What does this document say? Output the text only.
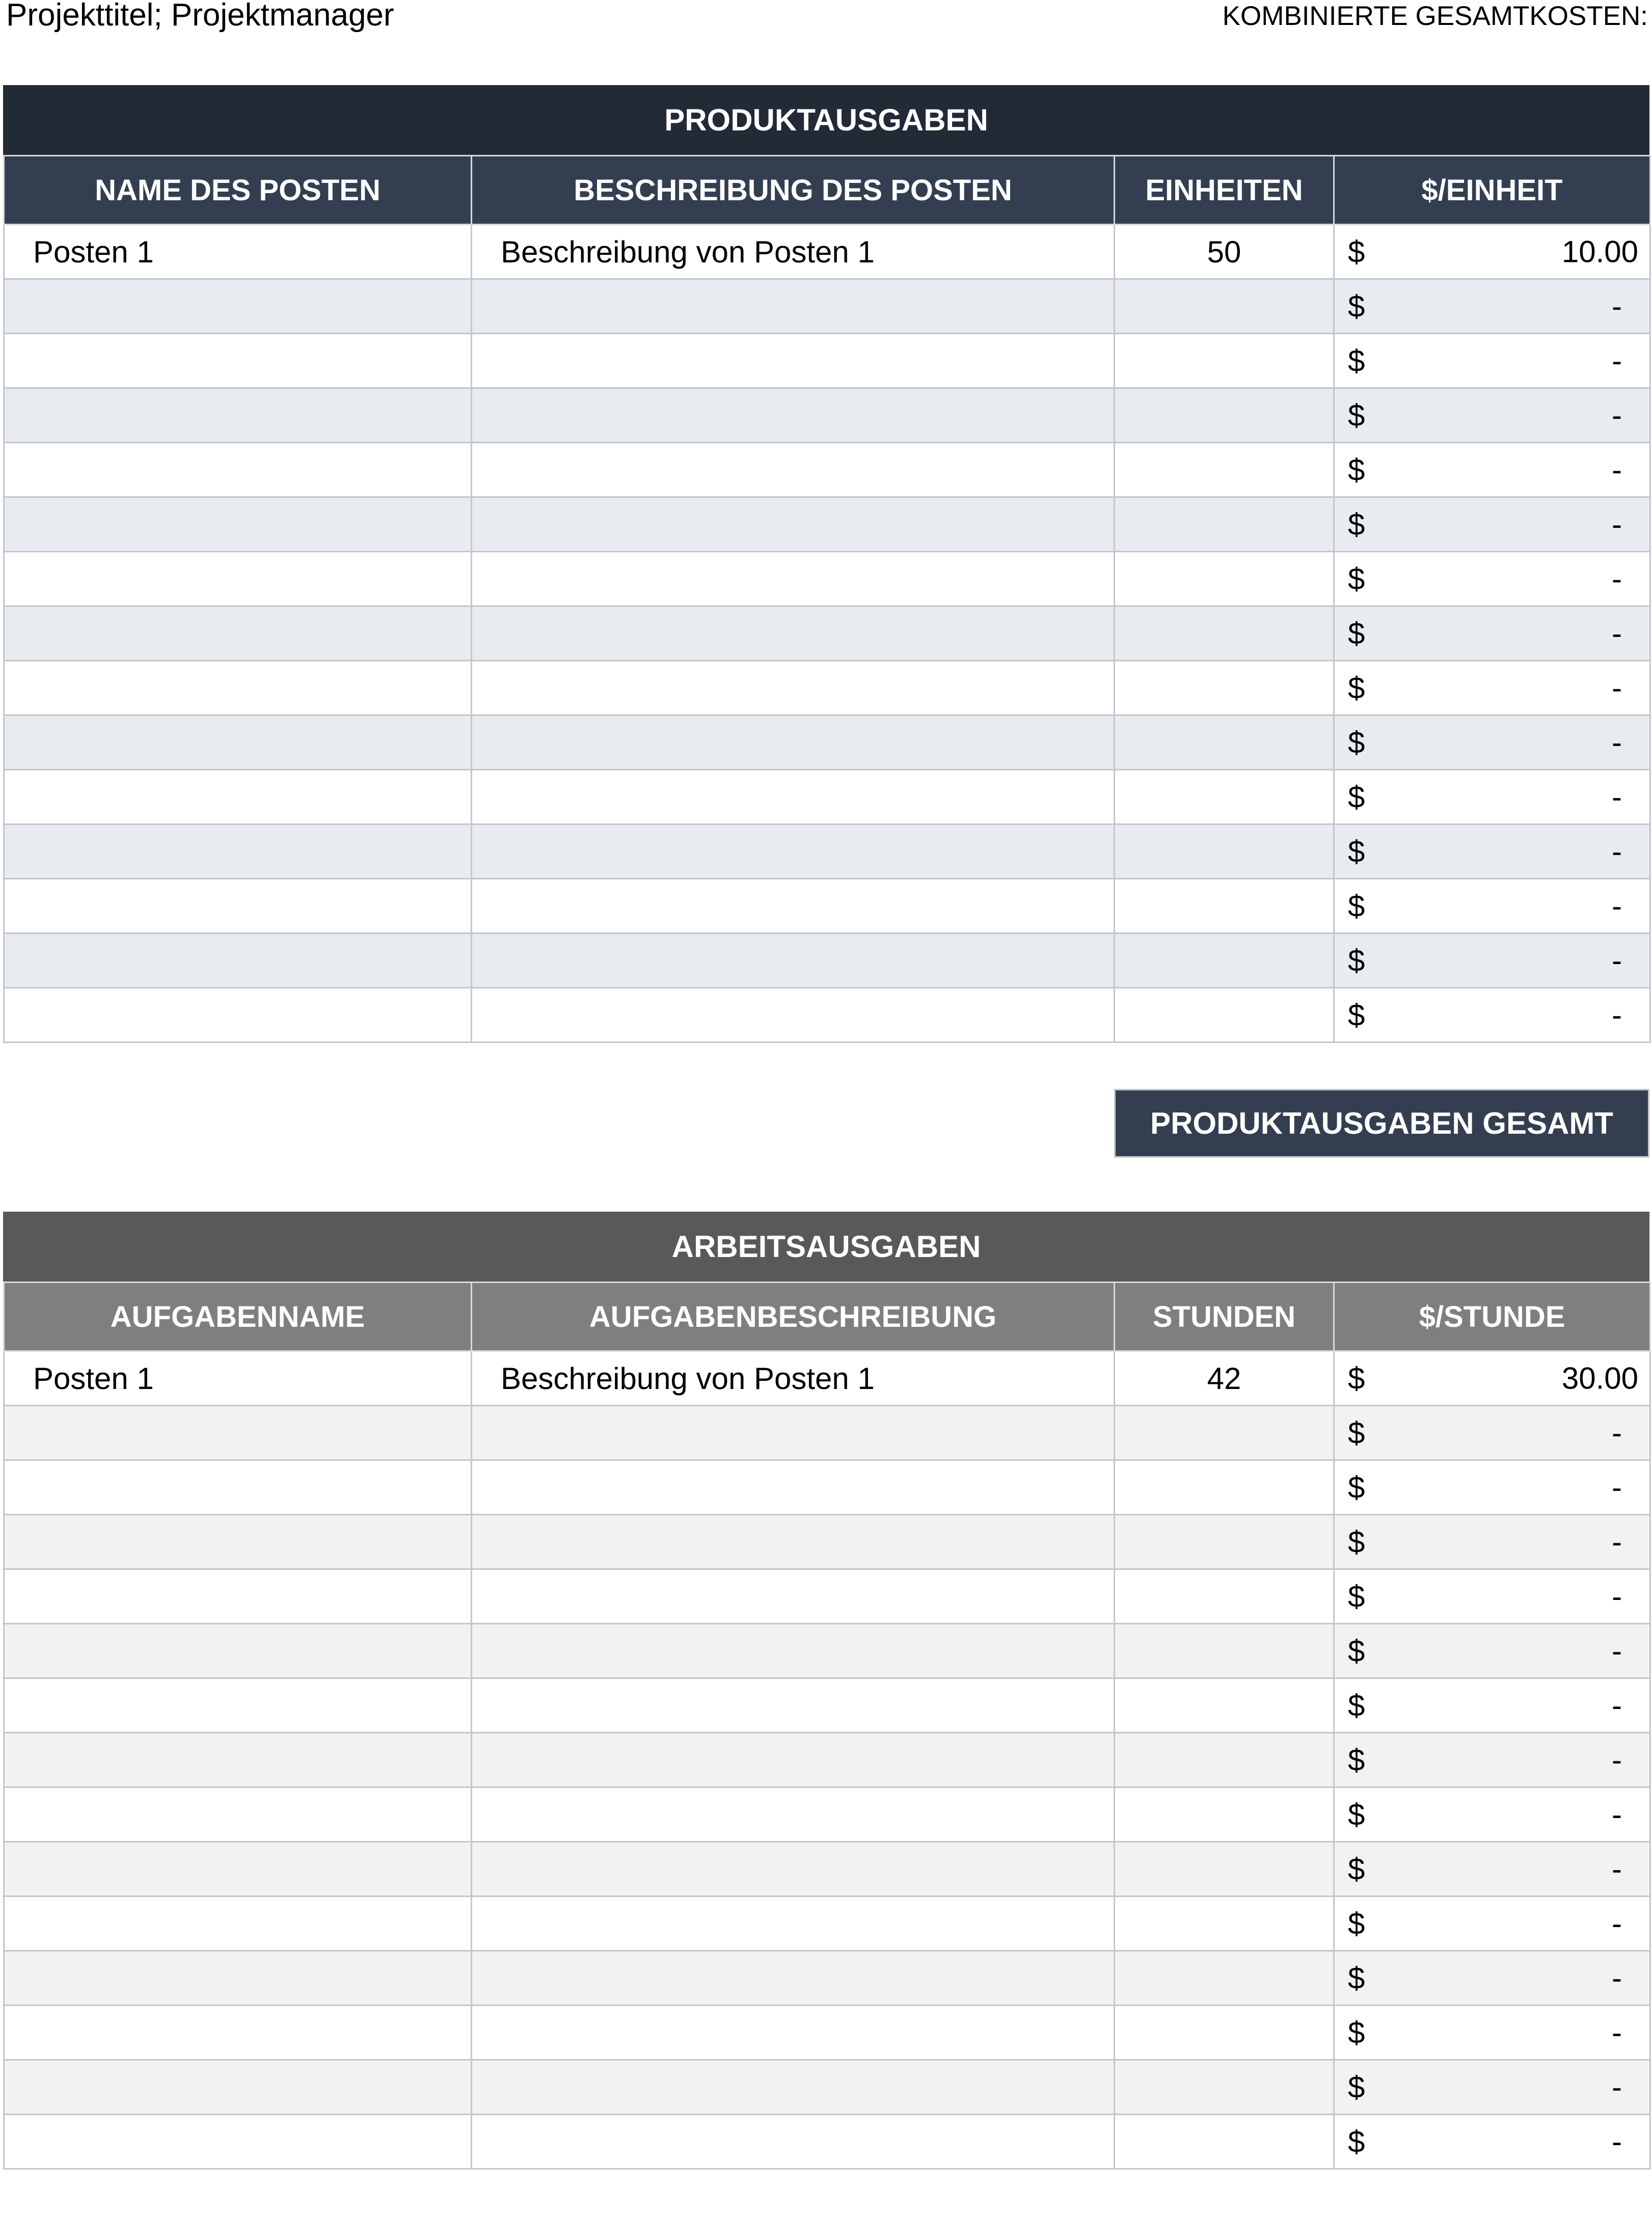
Projekttitel; Projektmanager	KOMBINIERTE GESAMTKOSTEN:
PRODUKTAUSGABEN
NAME DES POSTEN	BESCHREIBUNG DES POSTEN	EINHEITEN	$/EINHEIT
Posten 1	Beschreibung von Posten 1	50	$ 10.00

			$ -

			$ -

			$ -

			$ -

			$ -

			$ -

			$ -

			$ -

			$ -

			$ -

			$ -

			$ -

			$ -

			$ -
PRODUKTAUSGABEN GESAMT
ARBEITSAUSGABEN
AUFGABENNAME	AUFGABENBESCHREIBUNG	STUNDEN	$/STUNDE
Posten 1	Beschreibung von Posten 1	42	$ 30.00

			$ -

			$ -

			$ -

			$ -

			$ -

			$ -

			$ -

			$ -

			$ -

			$ -

			$ -

			$ -

			$ -

			$ -
